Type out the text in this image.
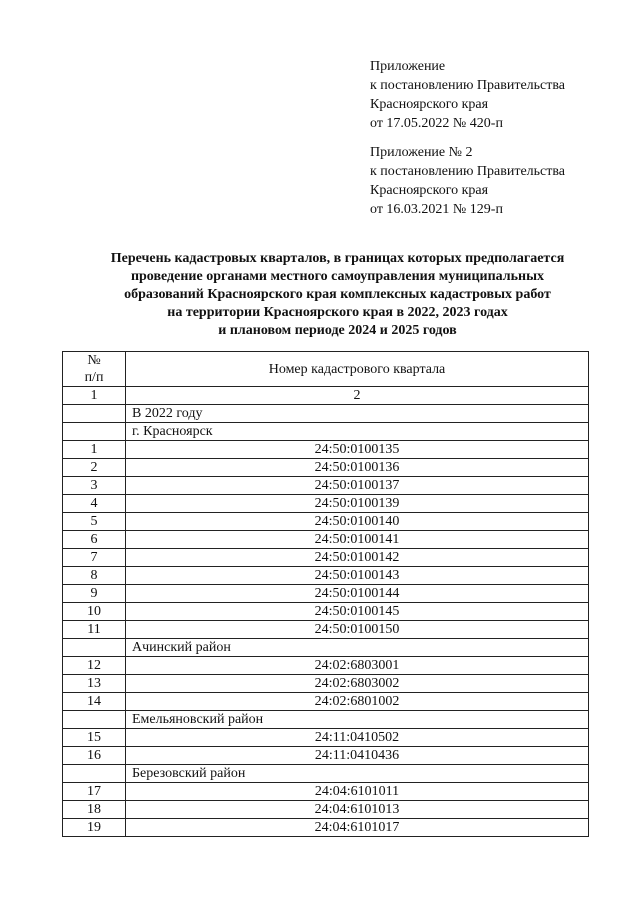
Приложение
к постановлению Правительства
Красноярского края
от 17.05.2022 № 420-п
Приложение № 2
к постановлению Правительства
Красноярского края
от 16.03.2021 № 129-п
Перечень кадастровых кварталов, в границах которых предполагается
проведение органами местного самоуправления муниципальных
образований Красноярского края комплексных кадастровых работ
на территории Красноярского края в 2022, 2023 годах
и плановом периоде 2024 и 2025 годов
№
п/п	Номер кадастрового квартала
1	2
	В 2022 году
	г. Красноярск
1	24:50:0100135
2	24:50:0100136
3	24:50:0100137
4	24:50:0100139
5	24:50:0100140
6	24:50:0100141
7	24:50:0100142
8	24:50:0100143
9	24:50:0100144
10	24:50:0100145
11	24:50:0100150
	Ачинский район
12	24:02:6803001
13	24:02:6803002
14	24:02:6801002
	Емельяновский район
15	24:11:0410502
16	24:11:0410436
	Березовский район
17	24:04:6101011
18	24:04:6101013
19	24:04:6101017
